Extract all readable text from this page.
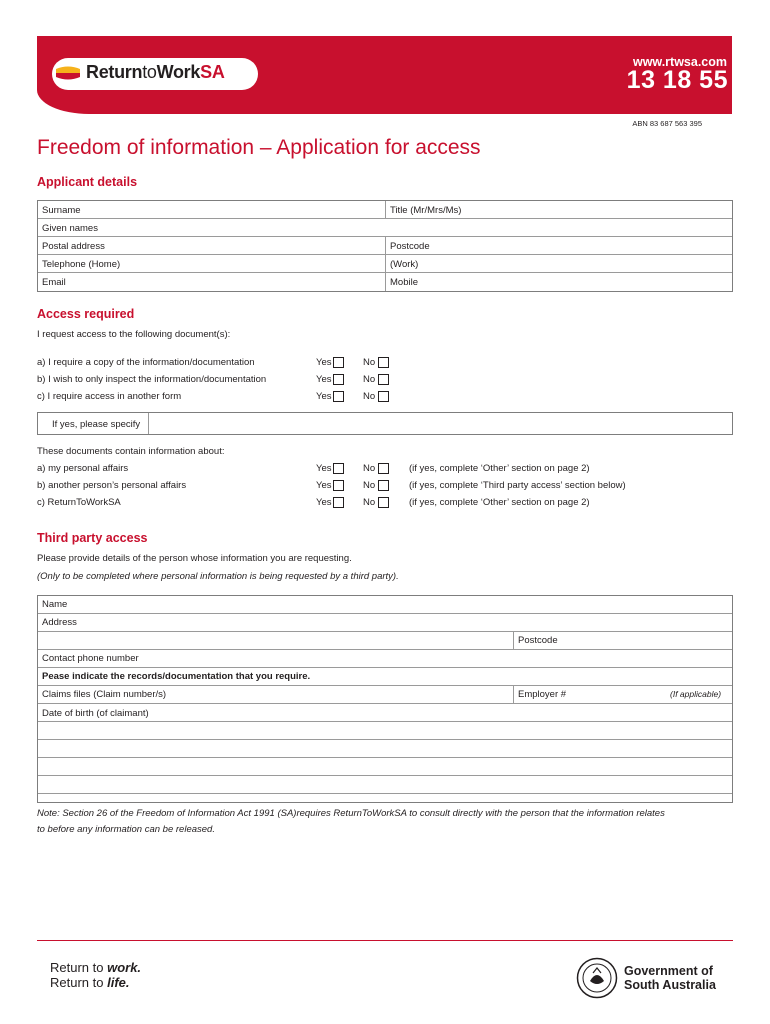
ReturntoWorkSA	www.rtwsa.com
13 18 55
ABN 83 687 563 395
Freedom of information – Application for access
Applicant details
Surname	Title (Mr/Mrs/Ms)
Given names
Postal address	Postcode
Telephone (Home)	(Work)
Email	Mobile
Access required
I request access to the following document(s):
a) I require a copy of the information/documentation	Yes	No
b) I wish to only inspect the information/documentation	Yes	No
c) I require access in another form	Yes	No
If yes, please specify
These documents contain information about:
a) my personal affairs	Yes	No	(if yes, complete ‘Other’ section on page 2)
b) another person’s personal affairs	Yes	No	(if yes, complete ‘Third party access’ section below)
c) ReturnToWorkSA	Yes	No	(if yes, complete ‘Other’ section on page 2)
Third party access
Please provide details of the person whose information you are requesting.
(Only to be completed where personal information is being requested by a third party).
Name
Address
Postcode
Contact phone number
Pease indicate the records/documentation that you require.
Claims files (Claim number/s)	Employer #	(If applicable)
Date of birth (of claimant)
Note: Section 26 of the Freedom of Information Act 1991 (SA)requires ReturnToWorkSA to consult directly with the person that the information relates
to before any information can be released.
Return to work.
Return to life.
Government of
South Australia
